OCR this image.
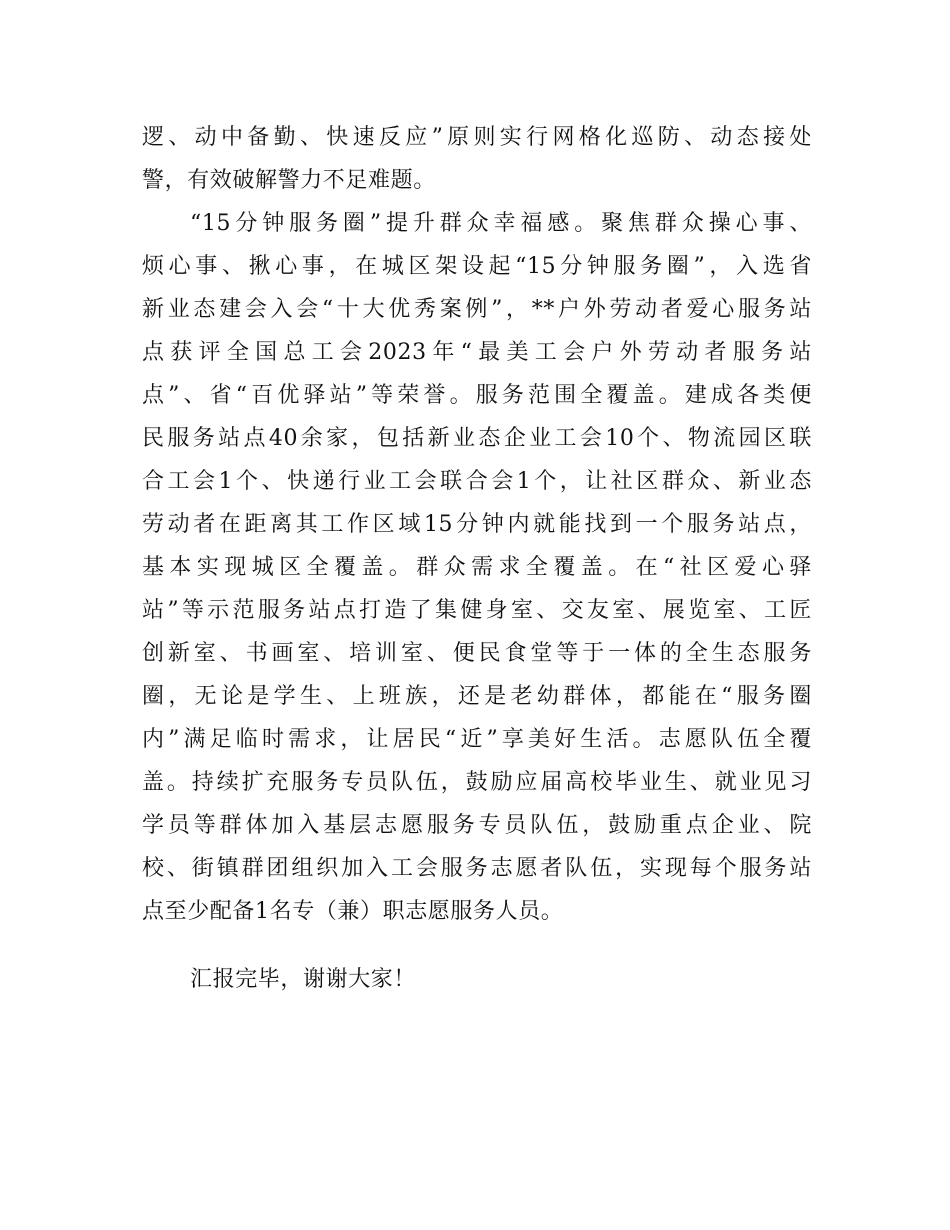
逻、动中备勤、快速反应”原则实行网格化巡防、动态接处
警，有效破解警力不足难题。
“15分钟服务圈”提升群众幸福感。聚焦群众操心事、
烦心事、揪心事，在城区架设起“15分钟服务圈”，入选省
新业态建会入会“十大优秀案例”，**户外劳动者爱心服务站
点获评全国总工会2023年“最美工会户外劳动者服务站
点”、省“百优驿站”等荣誉。服务范围全覆盖。建成各类便
民服务站点40余家，包括新业态企业工会10个、物流园区联
合工会1个、快递行业工会联合会1个，让社区群众、新业态
劳动者在距离其工作区域15分钟内就能找到一个服务站点，
基本实现城区全覆盖。群众需求全覆盖。在“社区爱心驿
站”等示范服务站点打造了集健身室、交友室、展览室、工匠
创新室、书画室、培训室、便民食堂等于一体的全生态服务
圈，无论是学生、上班族，还是老幼群体，都能在“服务圈
内”满足临时需求，让居民“近”享美好生活。志愿队伍全覆
盖。持续扩充服务专员队伍，鼓励应届高校毕业生、就业见习
学员等群体加入基层志愿服务专员队伍，鼓励重点企业、院
校、街镇群团组织加入工会服务志愿者队伍，实现每个服务站
点至少配备1名专（兼）职志愿服务人员。
汇报完毕，谢谢大家！
